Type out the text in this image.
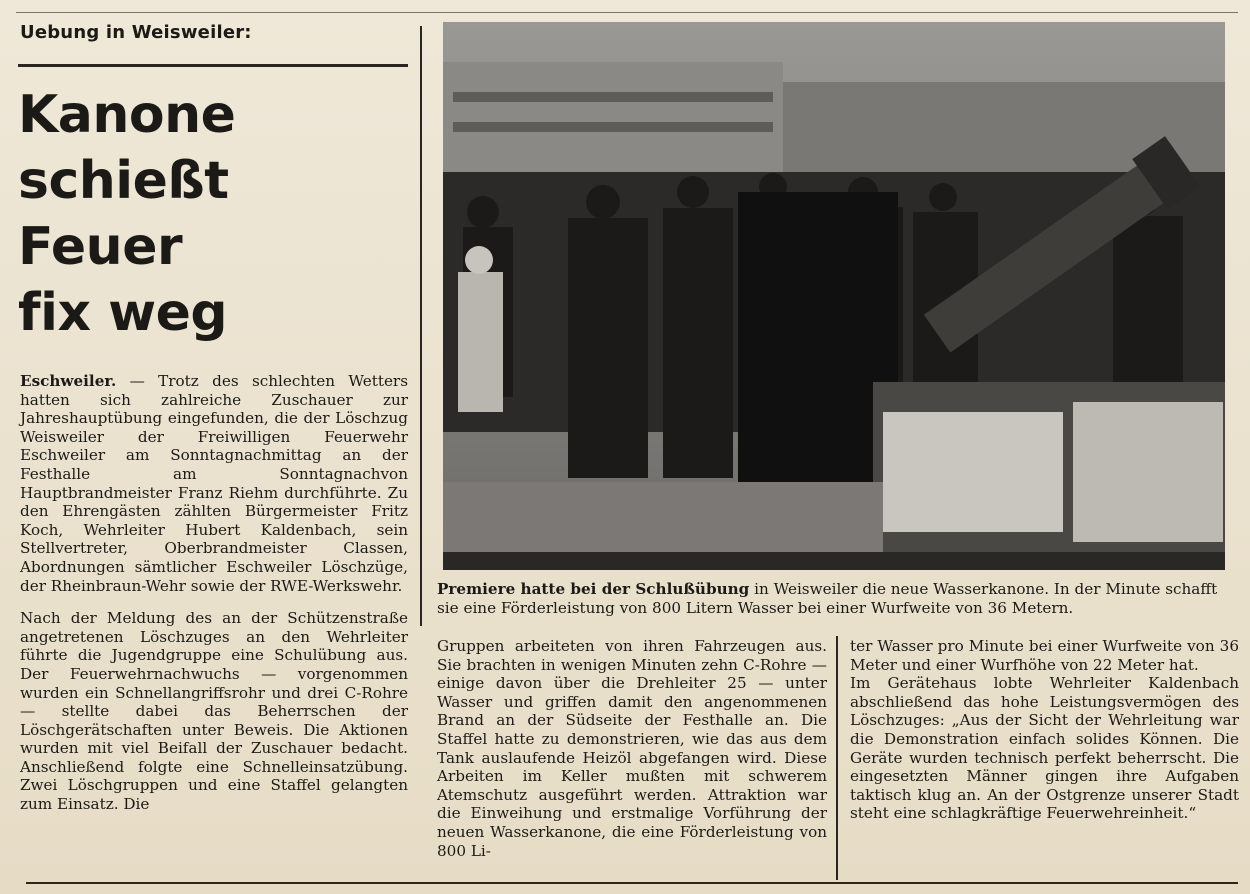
Uebung in Weisweiler:
Kanone
schießt
Feuer
fix weg

Eschweiler. — Trotz des schlechten Wetters hatten sich zahlreiche Zuschauer zur Jahreshauptübung eingefunden, die der Löschzug Weisweiler der Freiwilligen Feuerwehr Eschweiler am Sonntagnachmittag an der Festhalle am Sonntagnachvon Hauptbrandmeister Franz Riehm durchführte. Zu den Ehrengästen zählten Bürgermeister Fritz Koch, Wehrleiter Hubert Kaldenbach, sein Stellvertreter, Oberbrandmeister Classen, Abordnungen sämtlicher Eschweiler Löschzüge, der Rheinbraun-Wehr sowie der RWE-Werkswehr.

Nach der Meldung des an der Schützenstraße angetretenen Löschzuges an den Wehrleiter führte die Jugendgruppe eine Schulübung aus. Der Feuerwehrnachwuchs — vorgenommen wurden ein Schnellangriffsrohr und drei C-Rohre — stellte dabei das Beherrschen der Löschgerätschaften unter Beweis. Die Aktionen wurden mit viel Beifall der Zuschauer bedacht. Anschließend folgte eine Schnelleinsatzübung. Zwei Löschgruppen und eine Staffel gelangten zum Einsatz. Die

Premiere hatte bei der Schlußübung in Weisweiler die neue Wasserkanone. In der Minute schafft sie eine Förderleistung von 800 Litern Wasser bei einer Wurfweite von 36 Metern.

Gruppen arbeiteten von ihren Fahrzeugen aus. Sie brachten in wenigen Minuten zehn C-Rohre — einige davon über die Drehleiter 25 — unter Wasser und griffen damit den angenommenen Brand an der Südseite der Festhalle an. Die Staffel hatte zu demonstrieren, wie das aus dem Tank auslaufende Heizöl abgefangen wird. Diese Arbeiten im Keller mußten mit schwerem Atemschutz ausgeführt werden. Attraktion war die Einweihung und erstmalige Vorführung der neuen Wasserkanone, die eine Förderleistung von 800 Li-

ter Wasser pro Minute bei einer Wurfweite von 36 Meter und einer Wurfhöhe von 22 Meter hat.

Im Gerätehaus lobte Wehrleiter Kaldenbach abschließend das hohe Leistungsvermögen des Löschzuges: „Aus der Sicht der Wehrleitung war die Demonstration einfach solides Können. Die Geräte wurden technisch perfekt beherrscht. Die eingesetzten Männer gingen ihre Aufgaben taktisch klug an. An der Ostgrenze unserer Stadt steht eine schlagkräftige Feuerwehreinheit.“
